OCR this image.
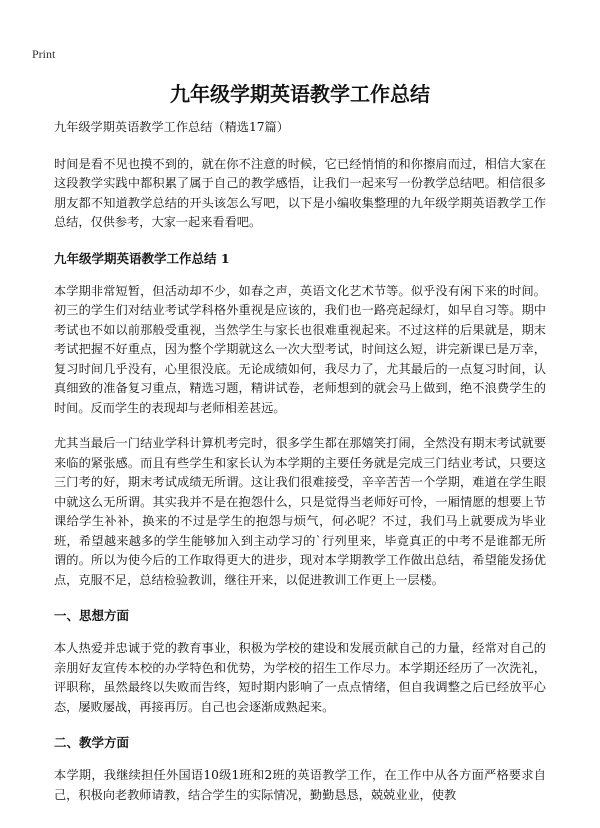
Print
九年级学期英语教学工作总结
九年级学期英语教学工作总结（精选17篇）

时间是看不见也摸不到的，就在你不注意的时候，它已经悄悄的和你擦肩而过，相信大家在这段教学实践中都积累了属于自己的教学感悟，让我们一起来写一份教学总结吧。相信很多朋友都不知道教学总结的开头该怎么写吧，以下是小编收集整理的九年级学期英语教学工作总结，仅供参考，大家一起来看看吧。

九年级学期英语教学工作总结 1

本学期非常短暂，但活动却不少，如春之声，英语文化艺术节等。似乎没有闲下来的时间。初三的学生们对结业考试学科格外重视是应该的，我们也一路亮起绿灯，如早自习等。期中考试也不如以前那般受重视，当然学生与家长也很难重视起来。不过这样的后果就是，期末考试把握不好重点，因为整个学期就这么一次大型考试，时间这么短，讲完新课已是万幸，复习时间几乎没有，心里很没底。无论成绩如何，我尽力了，尤其最后的一点复习时间，认真细致的准备复习重点，精选习题，精讲试卷，老师想到的就会马上做到，绝不浪费学生的时间。反而学生的表现却与老师相差甚远。

尤其当最后一门结业学科计算机考完时，很多学生都在那嬉笑打闹，全然没有期末考试就要来临的紧张感。而且有些学生和家长认为本学期的主要任务就是完成三门结业考试，只要这三门考的好，期末考试成绩无所谓。这让我们很难接受，辛辛苦苦一个学期，难道在学生眼中就这么无所谓。其实我并不是在抱怨什么，只是觉得当老师好可怜，一厢情愿的想要上节课给学生补补，换来的不过是学生的抱怨与烦气，何必呢？不过，我们马上就要成为毕业班，希望越来越多的学生能够加入到主动学习的`行列里来，毕竟真正的中考不是谁都无所谓的。所以为使今后的工作取得更大的进步，现对本学期教学工作做出总结，希望能发扬优点，克服不足，总结检验教训，继往开来，以促进教训工作更上一层楼。

一、思想方面

本人热爱并忠诚于党的教育事业，积极为学校的建设和发展贡献自己的力量，经常对自己的亲朋好友宣传本校的办学特色和优势，为学校的招生工作尽力。本学期还经历了一次洗礼，评职称，虽然最终以失败而告终，短时期内影响了一点点情绪，但自我调整之后已经放平心态，屡败屡战，再接再厉。自己也会逐渐成熟起来。

二、教学方面

本学期，我继续担任外国语10级1班和2班的英语教学工作，在工作中从各方面严格要求自己，积极向老教师请教，结合学生的实际情况，勤勤恳恳，兢兢业业，使教
